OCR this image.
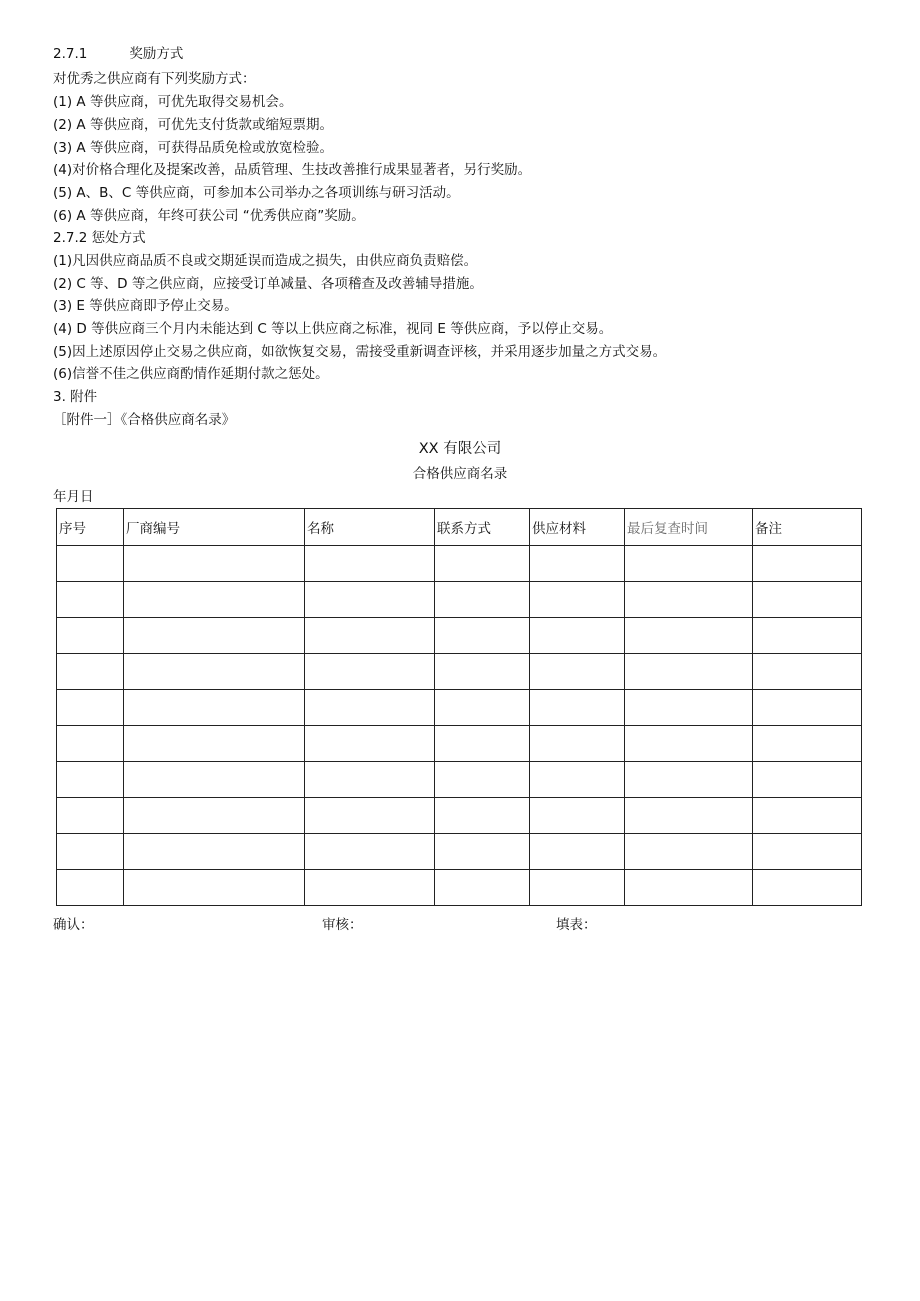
2.7.1	奖励方式
对优秀之供应商有下列奖励方式：
(1) A 等供应商，可优先取得交易机会。
(2) A 等供应商，可优先支付货款或缩短票期。
(3) A 等供应商，可获得品质免检或放宽检验。
(4)对价格合理化及提案改善，品质管理、生技改善推行成果显著者，另行奖励。
(5) A、B、C 等供应商，可参加本公司举办之各项训练与研习活动。
(6) A 等供应商，年终可获公司 “优秀供应商”奖励。
2.7.2 惩处方式
(1)凡因供应商品质不良或交期延误而造成之损失，由供应商负责赔偿。
(2) C 等、D 等之供应商，应接受订单减量、各项稽查及改善辅导措施。
(3) E 等供应商即予停止交易。
(4) D 等供应商三个月内未能达到 C 等以上供应商之标准，视同 E 等供应商，予以停止交易。
(5)因上述原因停止交易之供应商，如欲恢复交易，需接受重新调查评核，并采用逐步加量之方式交易。
(6)信誉不佳之供应商酌情作延期付款之惩处。
3. 附件
［附件一］《合格供应商名录》
XX 有限公司
合格供应商名录
年月日
序号	厂商编号	名称	联系方式	供应材料	最后复查时间	备注

确认：	审核：	填表：
